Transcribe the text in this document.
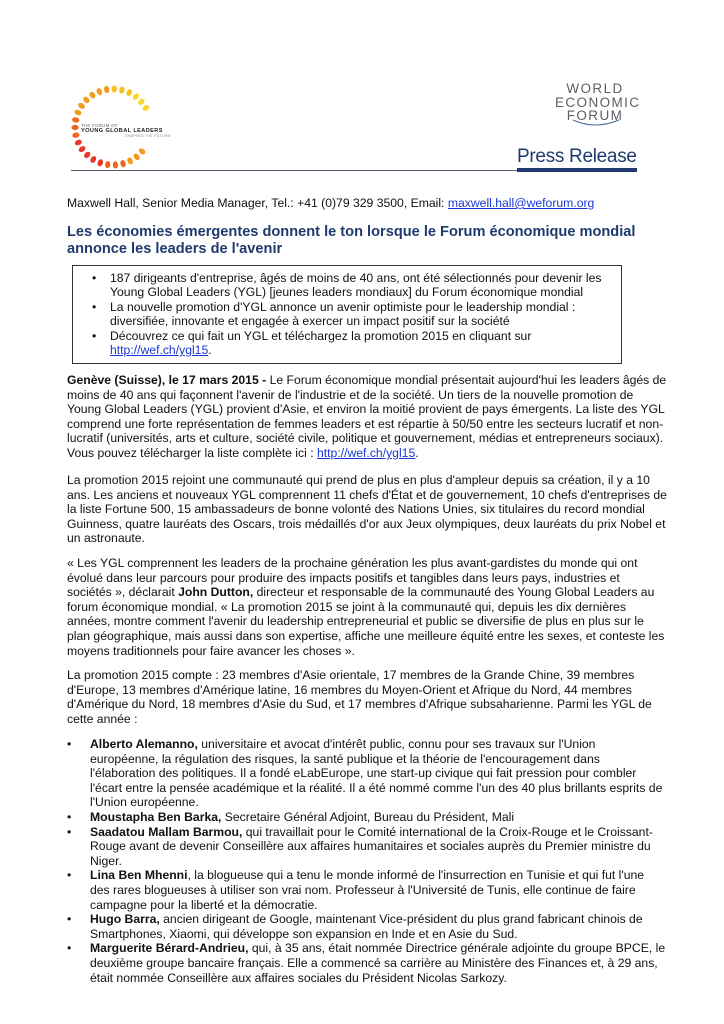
THE FORUM OF
YOUNG GLOBAL LEADERS
SHAPING THE FUTURE
WORLD
ECONOMIC
FORUM
Press Release
Maxwell Hall, Senior Media Manager, Tel.: +41 (0)79 329 3500, Email: maxwell.hall@weforum.org
Les économies émergentes donnent le ton lorsque le Forum économique mondial annonce les leaders de l'avenir
• 187 dirigeants d'entreprise, âgés de moins de 40 ans, ont été sélectionnés pour devenir les Young Global Leaders (YGL) [jeunes leaders mondiaux] du Forum économique mondial
• La nouvelle promotion d'YGL annonce un avenir optimiste pour le leadership mondial : diversifiée, innovante et engagée à exercer un impact positif sur la société
• Découvrez ce qui fait un YGL et téléchargez la promotion 2015 en cliquant sur
http://wef.ch/ygl15.
Genève (Suisse), le 17 mars 2015 - Le Forum économique mondial présentait aujourd'hui les leaders âgés de moins de 40 ans qui façonnent l'avenir de l'industrie et de la société. Un tiers de la nouvelle promotion de Young Global Leaders (YGL) provient d'Asie, et environ la moitié provient de pays émergents. La liste des YGL comprend une forte représentation de femmes leaders et est répartie à 50/50 entre les secteurs lucratif et non-lucratif (universités, arts et culture, société civile, politique et gouvernement, médias et entrepreneurs sociaux). Vous pouvez télécharger la liste complète ici : http://wef.ch/ygl15.
La promotion 2015 rejoint une communauté qui prend de plus en plus d'ampleur depuis sa création, il y a 10 ans. Les anciens et nouveaux YGL comprennent 11 chefs d'État et de gouvernement, 10 chefs d'entreprises de la liste Fortune 500, 15 ambassadeurs de bonne volonté des Nations Unies, six titulaires du record mondial Guinness, quatre lauréats des Oscars, trois médaillés d'or aux Jeux olympiques, deux lauréats du prix Nobel et un astronaute.
« Les YGL comprennent les leaders de la prochaine génération les plus avant-gardistes du monde qui ont évolué dans leur parcours pour produire des impacts positifs et tangibles dans leurs pays, industries et sociétés », déclarait John Dutton, directeur et responsable de la communauté des Young Global Leaders au forum économique mondial. « La promotion 2015 se joint à la communauté qui, depuis les dix dernières années, montre comment l'avenir du leadership entrepreneurial et public se diversifie de plus en plus sur le plan géographique, mais aussi dans son expertise, affiche une meilleure équité entre les sexes, et conteste les moyens traditionnels pour faire avancer les choses ».
La promotion 2015 compte : 23 membres d'Asie orientale, 17 membres de la Grande Chine, 39 membres d'Europe, 13 membres d'Amérique latine, 16 membres du Moyen-Orient et Afrique du Nord, 44 membres d'Amérique du Nord, 18 membres d'Asie du Sud, et 17 membres d'Afrique subsaharienne. Parmi les YGL de cette année :
• Alberto Alemanno, universitaire et avocat d'intérêt public, connu pour ses travaux sur l'Union européenne, la régulation des risques, la santé publique et la théorie de l'encouragement dans l'élaboration des politiques. Il a fondé eLabEurope, une start-up civique qui fait pression pour combler l'écart entre la pensée académique et la réalité. Il a été nommé comme l'un des 40 plus brillants esprits de l'Union européenne.
• Moustapha Ben Barka, Secretaire Général Adjoint, Bureau du Président, Mali
• Saadatou Mallam Barmou, qui travaillait pour le Comité international de la Croix-Rouge et le Croissant-Rouge avant de devenir Conseillère aux affaires humanitaires et sociales auprès du Premier ministre du Niger.
• Lina Ben Mhenni, la blogueuse qui a tenu le monde informé de l'insurrection en Tunisie et qui fut l'une des rares blogueuses à utiliser son vrai nom. Professeur à l'Université de Tunis, elle continue de faire campagne pour la liberté et la démocratie.
• Hugo Barra, ancien dirigeant de Google, maintenant Vice-président du plus grand fabricant chinois de Smartphones, Xiaomi, qui développe son expansion en Inde et en Asie du Sud.
• Marguerite Bérard-Andrieu, qui, à 35 ans, était nommée Directrice générale adjointe du groupe BPCE, le deuxième groupe bancaire français. Elle a commencé sa carrière au Ministère des Finances et, à 29 ans, était nommée Conseillère aux affaires sociales du Président Nicolas Sarkozy.
